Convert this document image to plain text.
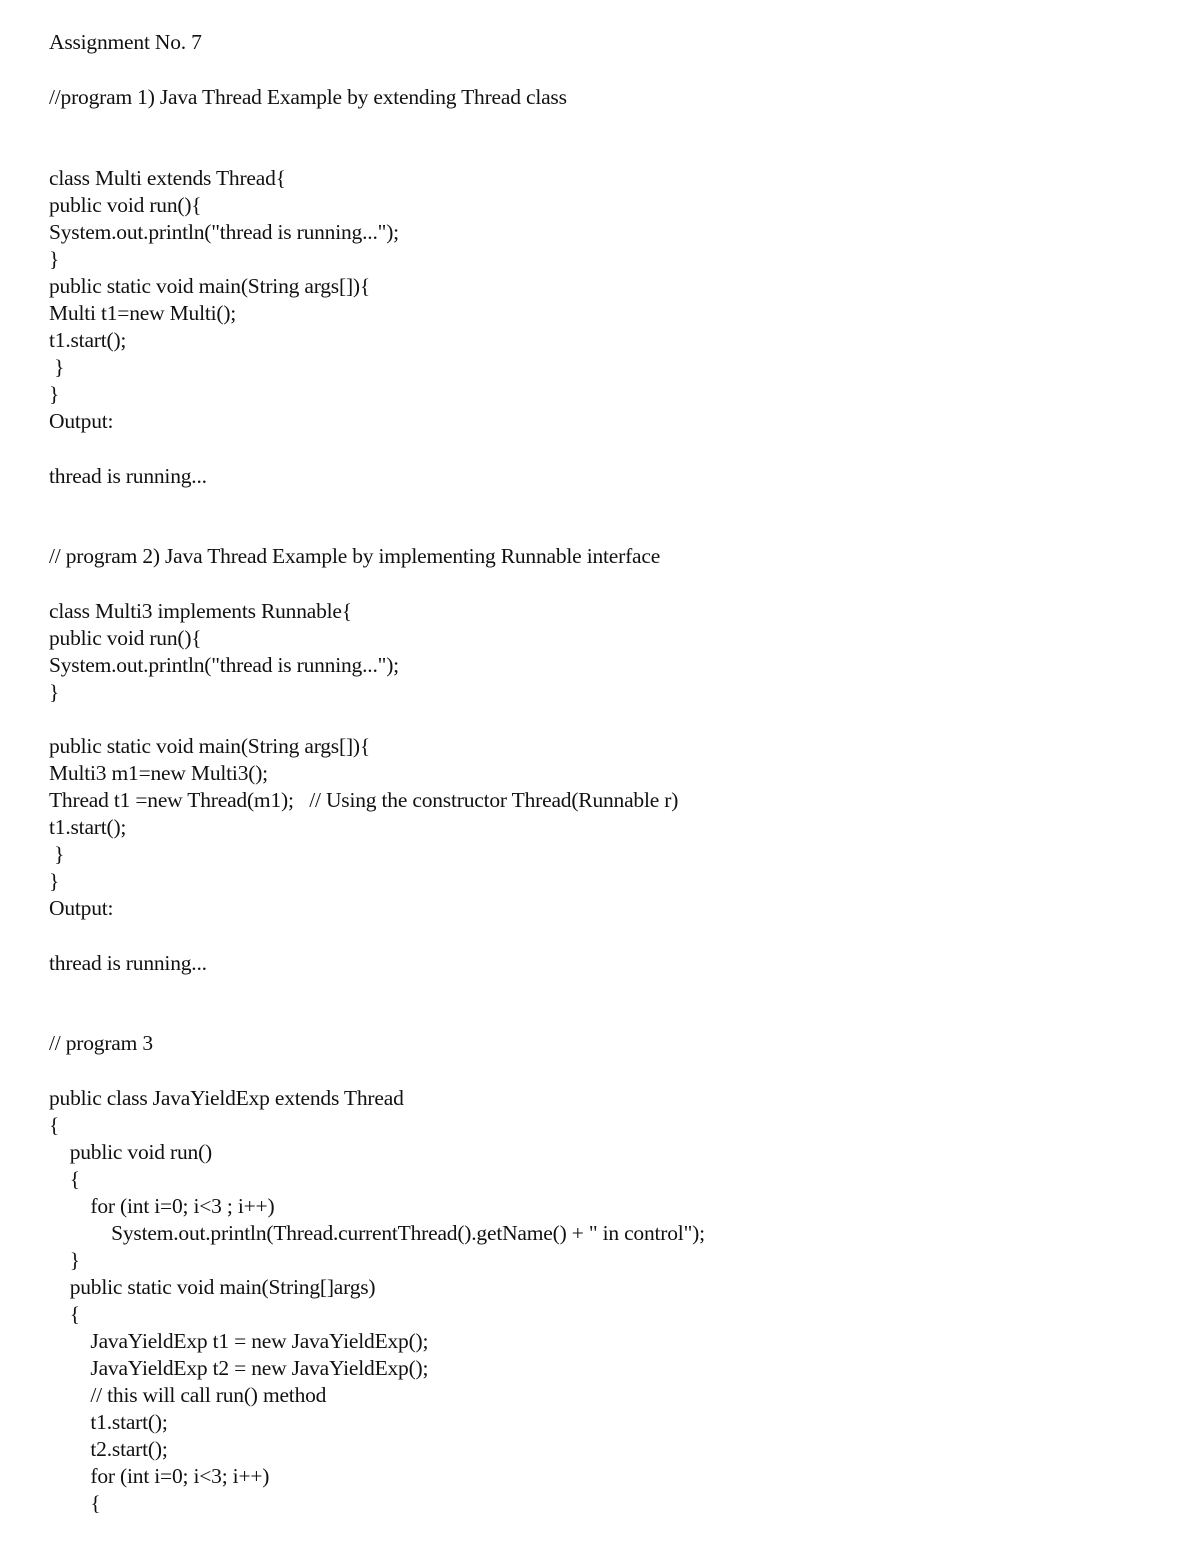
Assignment No. 7

//program 1) Java Thread Example by extending Thread class

class Multi extends Thread{

public void run(){

System.out.println("thread is running...");

}

public static void main(String args[]){

Multi t1=new Multi();

t1.start();

}

}

Output:

thread is running...

// program 2) Java Thread Example by implementing Runnable interface

class Multi3 implements Runnable{

public void run(){

System.out.println("thread is running...");

}

public static void main(String args[]){

Multi3 m1=new Multi3();

Thread t1 =new Thread(m1);   // Using the constructor Thread(Runnable r)

t1.start();

}

}

Output:

thread is running...

// program 3

public class JavaYieldExp extends Thread

{

public void run()

{

for (int i=0; i<3 ; i++)

System.out.println(Thread.currentThread().getName() + " in control");

}

public static void main(String[]args)

{

JavaYieldExp t1 = new JavaYieldExp();

JavaYieldExp t2 = new JavaYieldExp();

// this will call run() method

t1.start();

t2.start();

for (int i=0; i<3; i++)

{
